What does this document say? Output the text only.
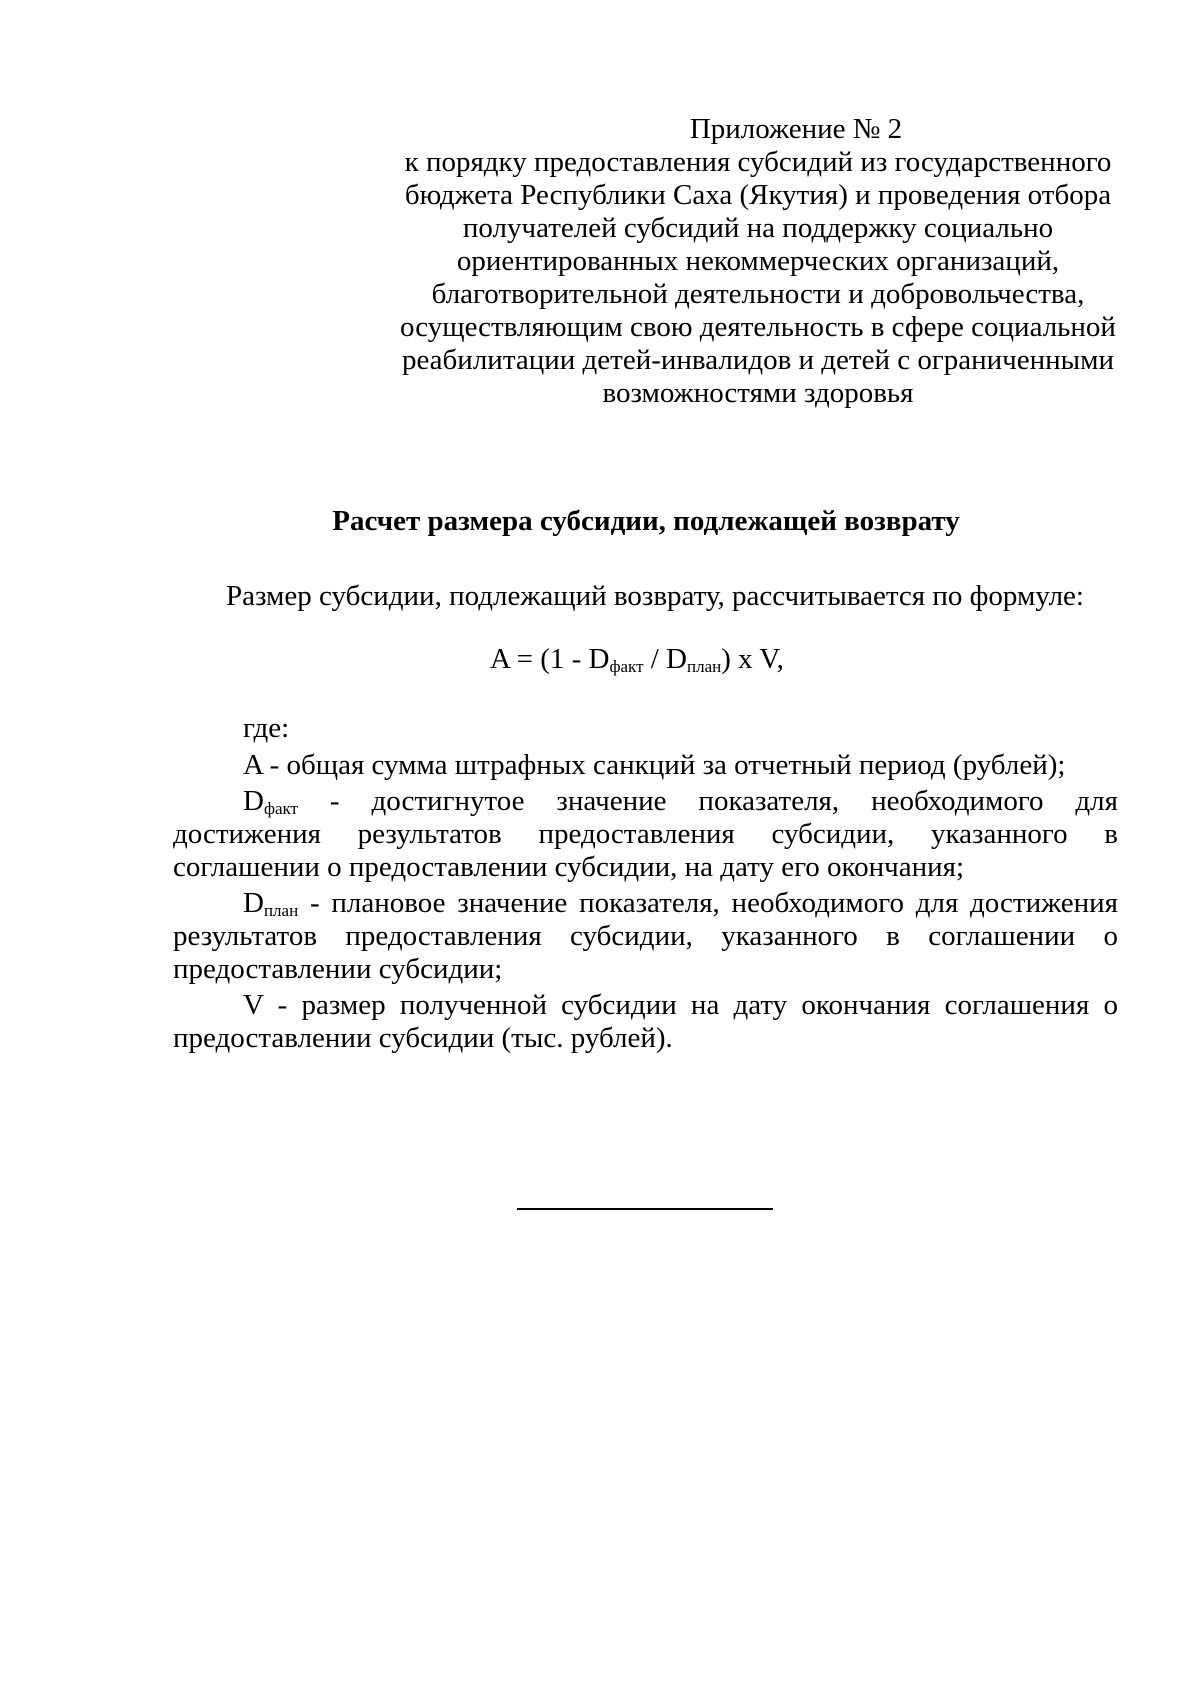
Приложение № 2
к порядку предоставления субсидий из государственного
бюджета Республики Саха (Якутия) и проведения отбора
получателей субсидий на поддержку социально
ориентированных некоммерческих организаций,
благотворительной деятельности и добровольчества,
осуществляющим свою деятельность в сфере социальной
реабилитации детей-инвалидов и детей с ограниченными
возможностями здоровья
Расчет размера субсидии, подлежащей возврату
Размер субсидии, подлежащий возврату, рассчитывается по формуле:
$A = (1 - D_{факт} / D_{план})$ x V,

где:

A - общая сумма штрафных санкций за отчетный период (рублей);

$D_{факт}$ - достигнутое значение показателя, необходимого для достижения результатов предоставления субсидии, указанного в соглашении о предоставлении субсидии, на дату его окончания;

$D_{план}$ - плановое значение показателя, необходимого для достижения результатов предоставления субсидии, указанного в соглашении о предоставлении субсидии;

V - размер полученной субсидии на дату окончания соглашения о предоставлении субсидии (тыс. рублей).
